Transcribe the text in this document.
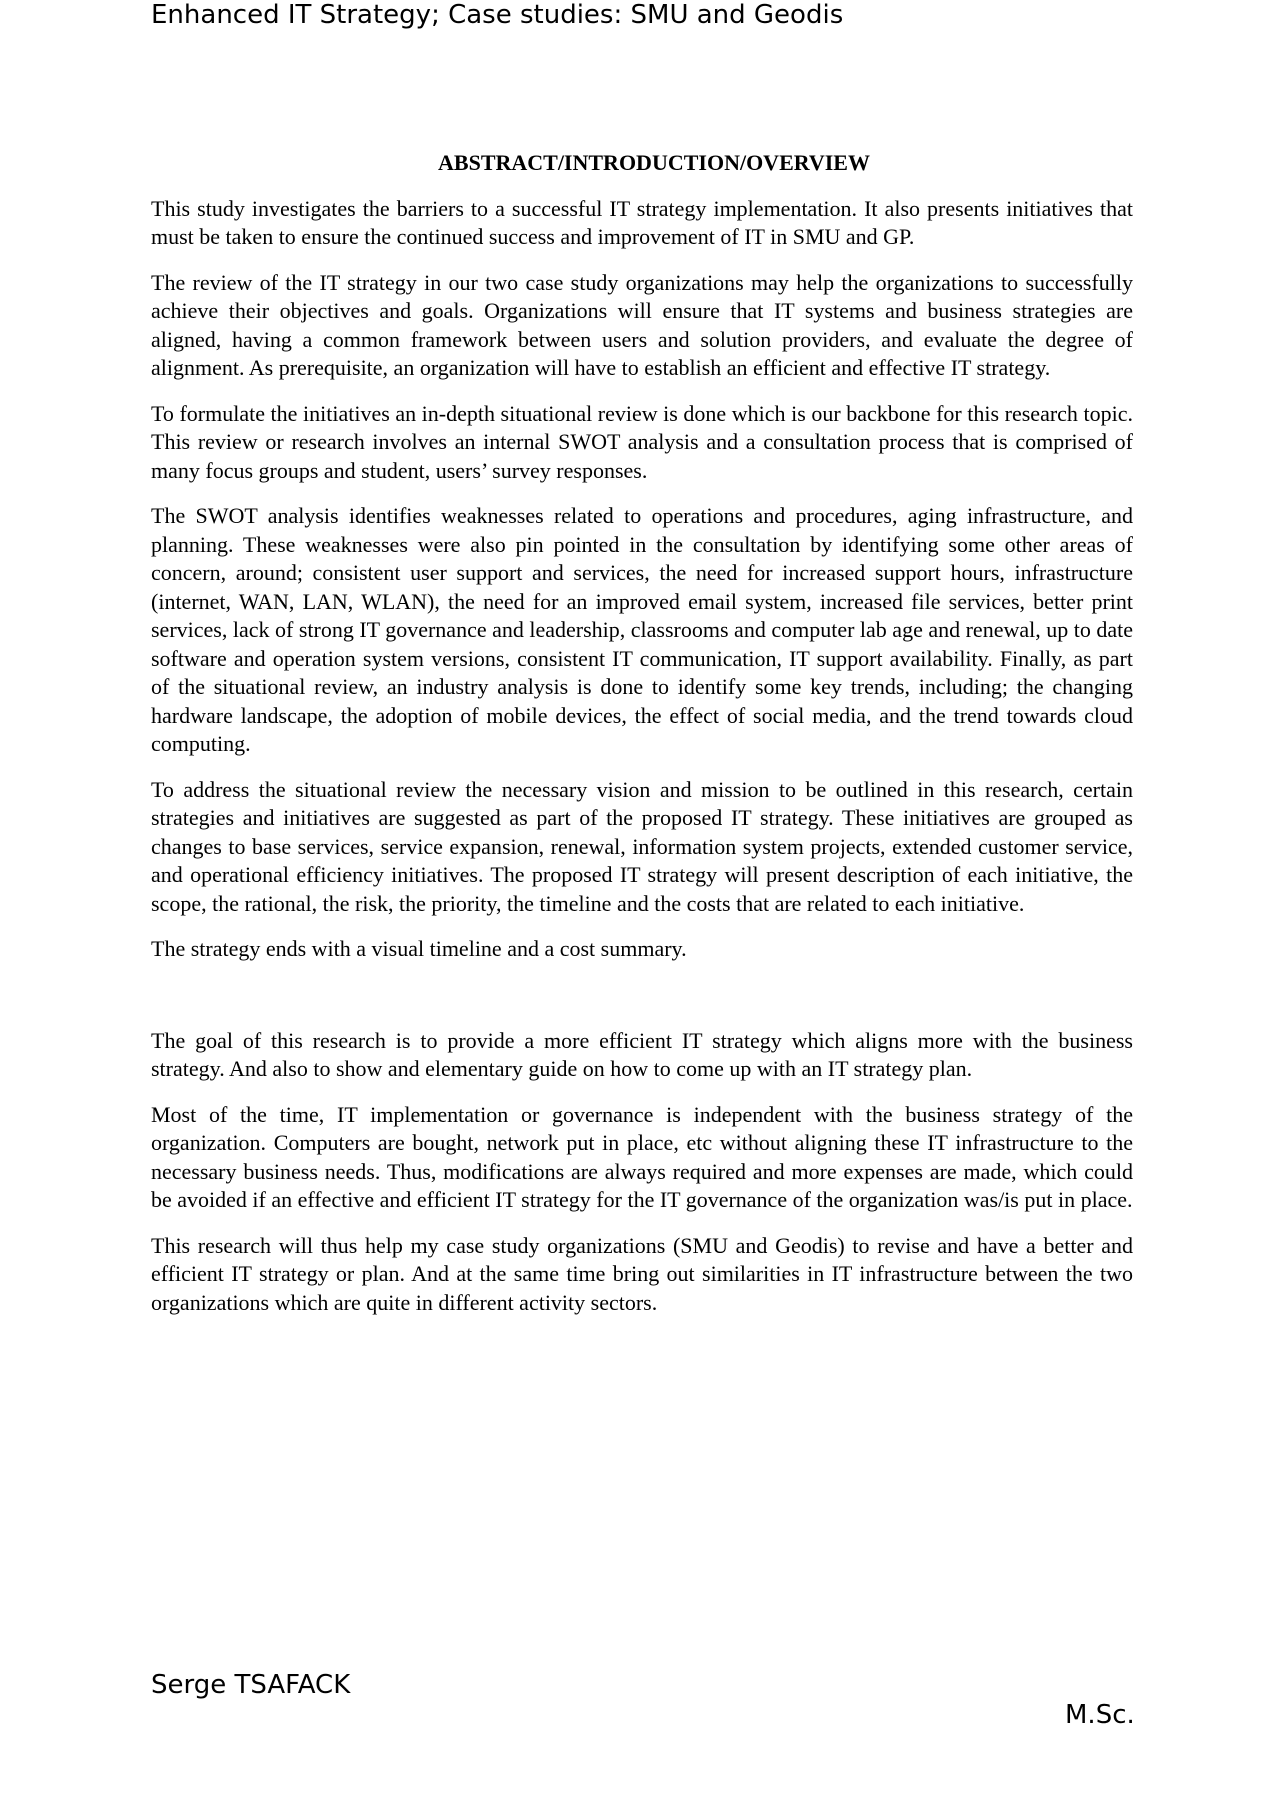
Enhanced IT Strategy; Case studies: SMU and Geodis
ABSTRACT/INTRODUCTION/OVERVIEW

This study investigates the barriers to a successful IT strategy implementation. It also presents initiatives that must be taken to ensure the continued success and improvement of IT in SMU and GP.

The review of the IT strategy in our two case study organizations may help the organizations to successfully achieve their objectives and goals. Organizations will ensure that IT systems and business strategies are aligned, having a common framework between users and solution providers, and evaluate the degree of alignment. As prerequisite, an organization will have to establish an efficient and effective IT strategy.

To formulate the initiatives an in-depth situational review is done which is our backbone for this research topic. This review or research involves an internal SWOT analysis and a consultation process that is comprised of many focus groups and student, users’ survey responses.

The SWOT analysis identifies weaknesses related to operations and procedures, aging infrastructure, and planning. These weaknesses were also pin pointed in the consultation by identifying some other areas of concern, around; consistent user support and services, the need for increased support hours, infrastructure (internet, WAN, LAN, WLAN), the need for an improved email system, increased file services, better print services, lack of strong IT governance and leadership, classrooms and computer lab age and renewal, up to date software and operation system versions, consistent IT communication, IT support availability. Finally, as part of the situational review, an industry analysis is done to identify some key trends, including; the changing hardware landscape, the adoption of mobile devices, the effect of social media, and the trend towards cloud computing.

To address the situational review the necessary vision and mission to be outlined in this research, certain strategies and initiatives are suggested as part of the proposed IT strategy. These initiatives are grouped as changes to base services, service expansion, renewal, information system projects, extended customer service, and operational efficiency initiatives. The proposed IT strategy will present description of each initiative, the scope, the rational, the risk, the priority, the timeline and the costs that are related to each initiative.

The strategy ends with a visual timeline and a cost summary.

The goal of this research is to provide a more efficient IT strategy which aligns more with the business strategy. And also to show and elementary guide on how to come up with an IT strategy plan.

Most of the time, IT implementation or governance is independent with the business strategy of the organization. Computers are bought, network put in place, etc without aligning these IT infrastructure to the necessary business needs. Thus, modifications are always required and more expenses are made, which could be avoided if an effective and efficient IT strategy for the IT governance of the organization was/is put in place.

This research will thus help my case study organizations (SMU and Geodis) to revise and have a better and efficient IT strategy or plan. And at the same time bring out similarities in IT infrastructure between the two organizations which are quite in different activity sectors.

Serge TSAFACK
M.Sc.
